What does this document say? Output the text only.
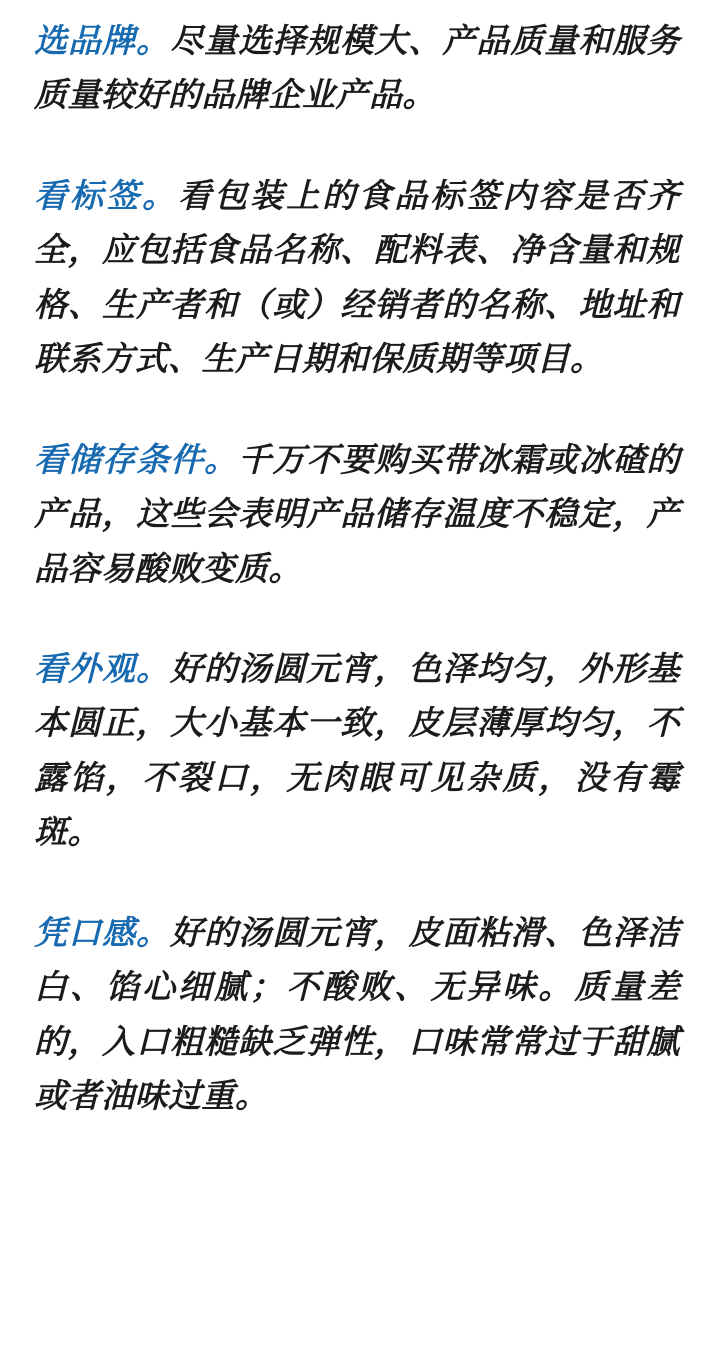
选品牌。尽量选择规模大、产品质量和服务质量较好的品牌企业产品。

看标签。看包装上的食品标签内容是否齐全，应包括食品名称、配料表、净含量和规格、生产者和（或）经销者的名称、地址和联系方式、生产日期和保质期等项目。

看储存条件。千万不要购买带冰霜或冰碴的产品，这些会表明产品储存温度不稳定，产品容易酸败变质。

看外观。好的汤圆元宵，色泽均匀，外形基本圆正，大小基本一致，皮层薄厚均匀，不露馅，不裂口，无肉眼可见杂质，没有霉斑。

凭口感。好的汤圆元宵，皮面粘滑、色泽洁白、馅心细腻；不酸败、无异味。质量差的，入口粗糙缺乏弹性，口味常常过于甜腻或者油味过重。
